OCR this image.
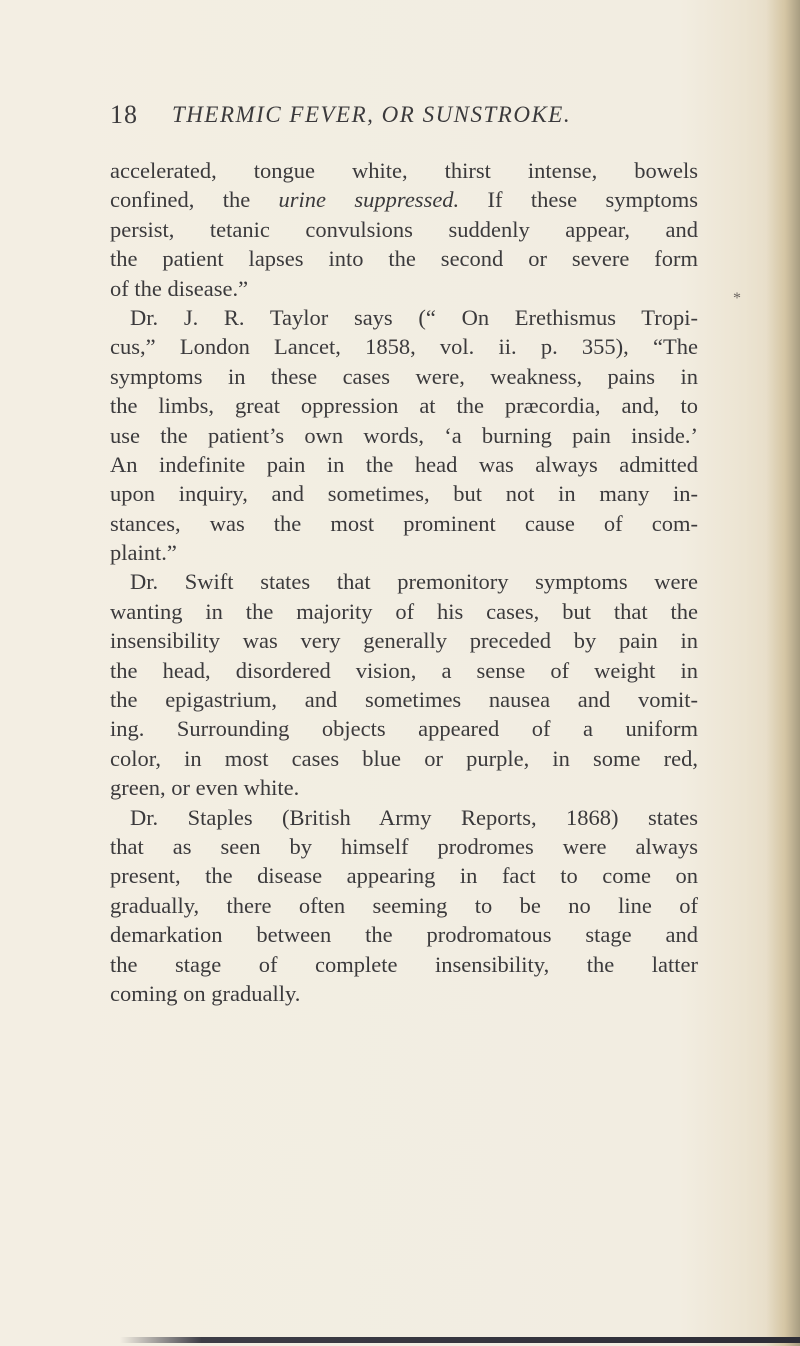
18 THERMIC FEVER, OR SUNSTROKE.
accelerated, tongue white, thirst intense, bowels
confined, the urine suppressed. If these symptoms
persist, tetanic convulsions suddenly appear, and
the patient lapses into the second or severe form
of the disease.”
Dr. J. R. Taylor says (“ On Erethismus Tropi-
cus,” London Lancet, 1858, vol. ii. p. 355), “The
symptoms in these cases were, weakness, pains in
the limbs, great oppression at the præcordia, and, to
use the patient’s own words, ‘a burning pain inside.’
An indefinite pain in the head was always admitted
upon inquiry, and sometimes, but not in many in-
stances, was the most prominent cause of com-
plaint.”
Dr. Swift states that premonitory symptoms were
wanting in the majority of his cases, but that the
insensibility was very generally preceded by pain in
the head, disordered vision, a sense of weight in
the epigastrium, and sometimes nausea and vomit-
ing. Surrounding objects appeared of a uniform
color, in most cases blue or purple, in some red,
green, or even white.
Dr. Staples (British Army Reports, 1868) states
that as seen by himself prodromes were always
present, the disease appearing in fact to come on
gradually, there often seeming to be no line of
demarkation between the prodromatous stage and
the stage of complete insensibility, the latter
coming on gradually.
*
